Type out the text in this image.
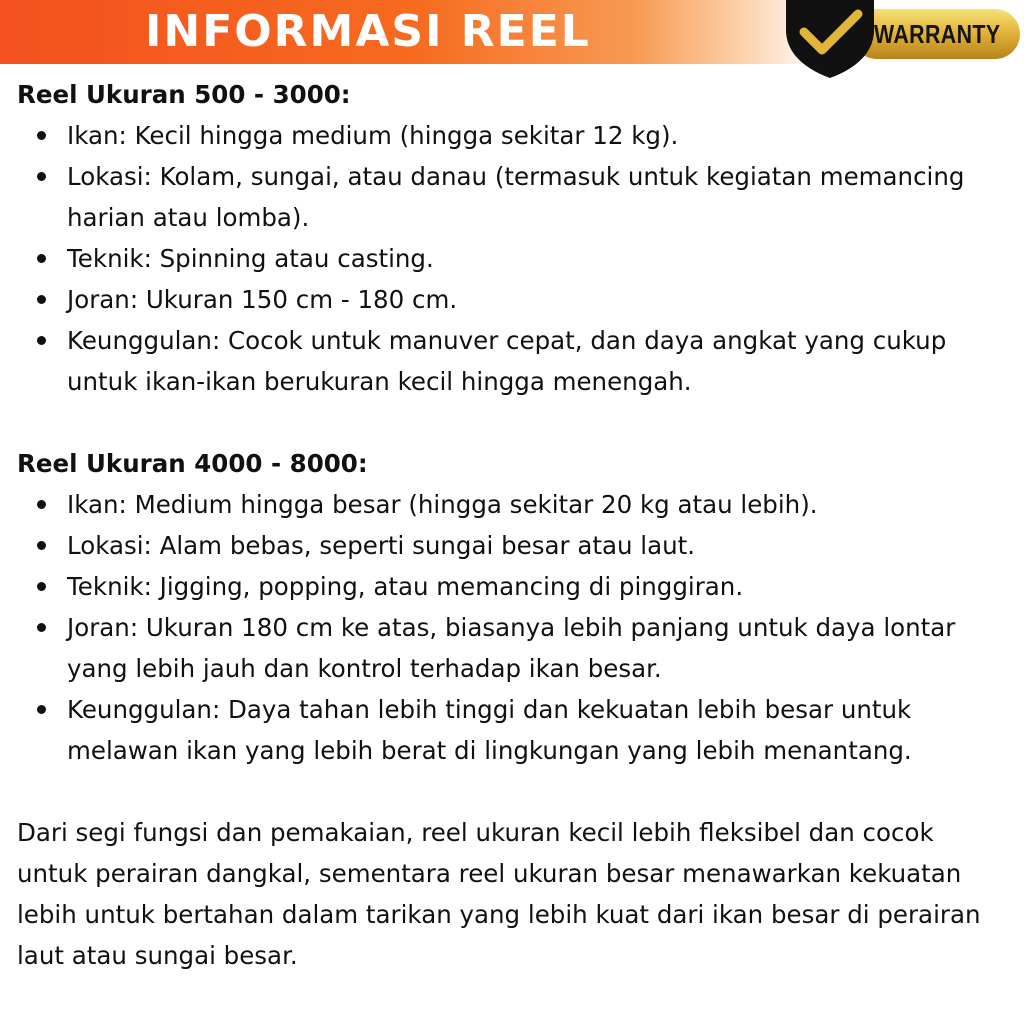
INFORMASI REEL	WARRANTY
Reel Ukuran 500 - 3000:
Ikan: Kecil hingga medium (hingga sekitar 12 kg).
Lokasi: Kolam, sungai, atau danau (termasuk untuk kegiatan memancing harian atau lomba).
Teknik: Spinning atau casting.
Joran: Ukuran 150 cm - 180 cm.
Keunggulan: Cocok untuk manuver cepat, dan daya angkat yang cukup untuk ikan-ikan berukuran kecil hingga menengah.
Reel Ukuran 4000 - 8000:
Ikan: Medium hingga besar (hingga sekitar 20 kg atau lebih).
Lokasi: Alam bebas, seperti sungai besar atau laut.
Teknik: Jigging, popping, atau memancing di pinggiran.
Joran: Ukuran 180 cm ke atas, biasanya lebih panjang untuk daya lontar yang lebih jauh dan kontrol terhadap ikan besar.
Keunggulan: Daya tahan lebih tinggi dan kekuatan lebih besar untuk melawan ikan yang lebih berat di lingkungan yang lebih menantang.

Dari segi fungsi dan pemakaian, reel ukuran kecil lebih fleksibel dan cocok untuk perairan dangkal, sementara reel ukuran besar menawarkan kekuatan lebih untuk bertahan dalam tarikan yang lebih kuat dari ikan besar di perairan laut atau sungai besar.
